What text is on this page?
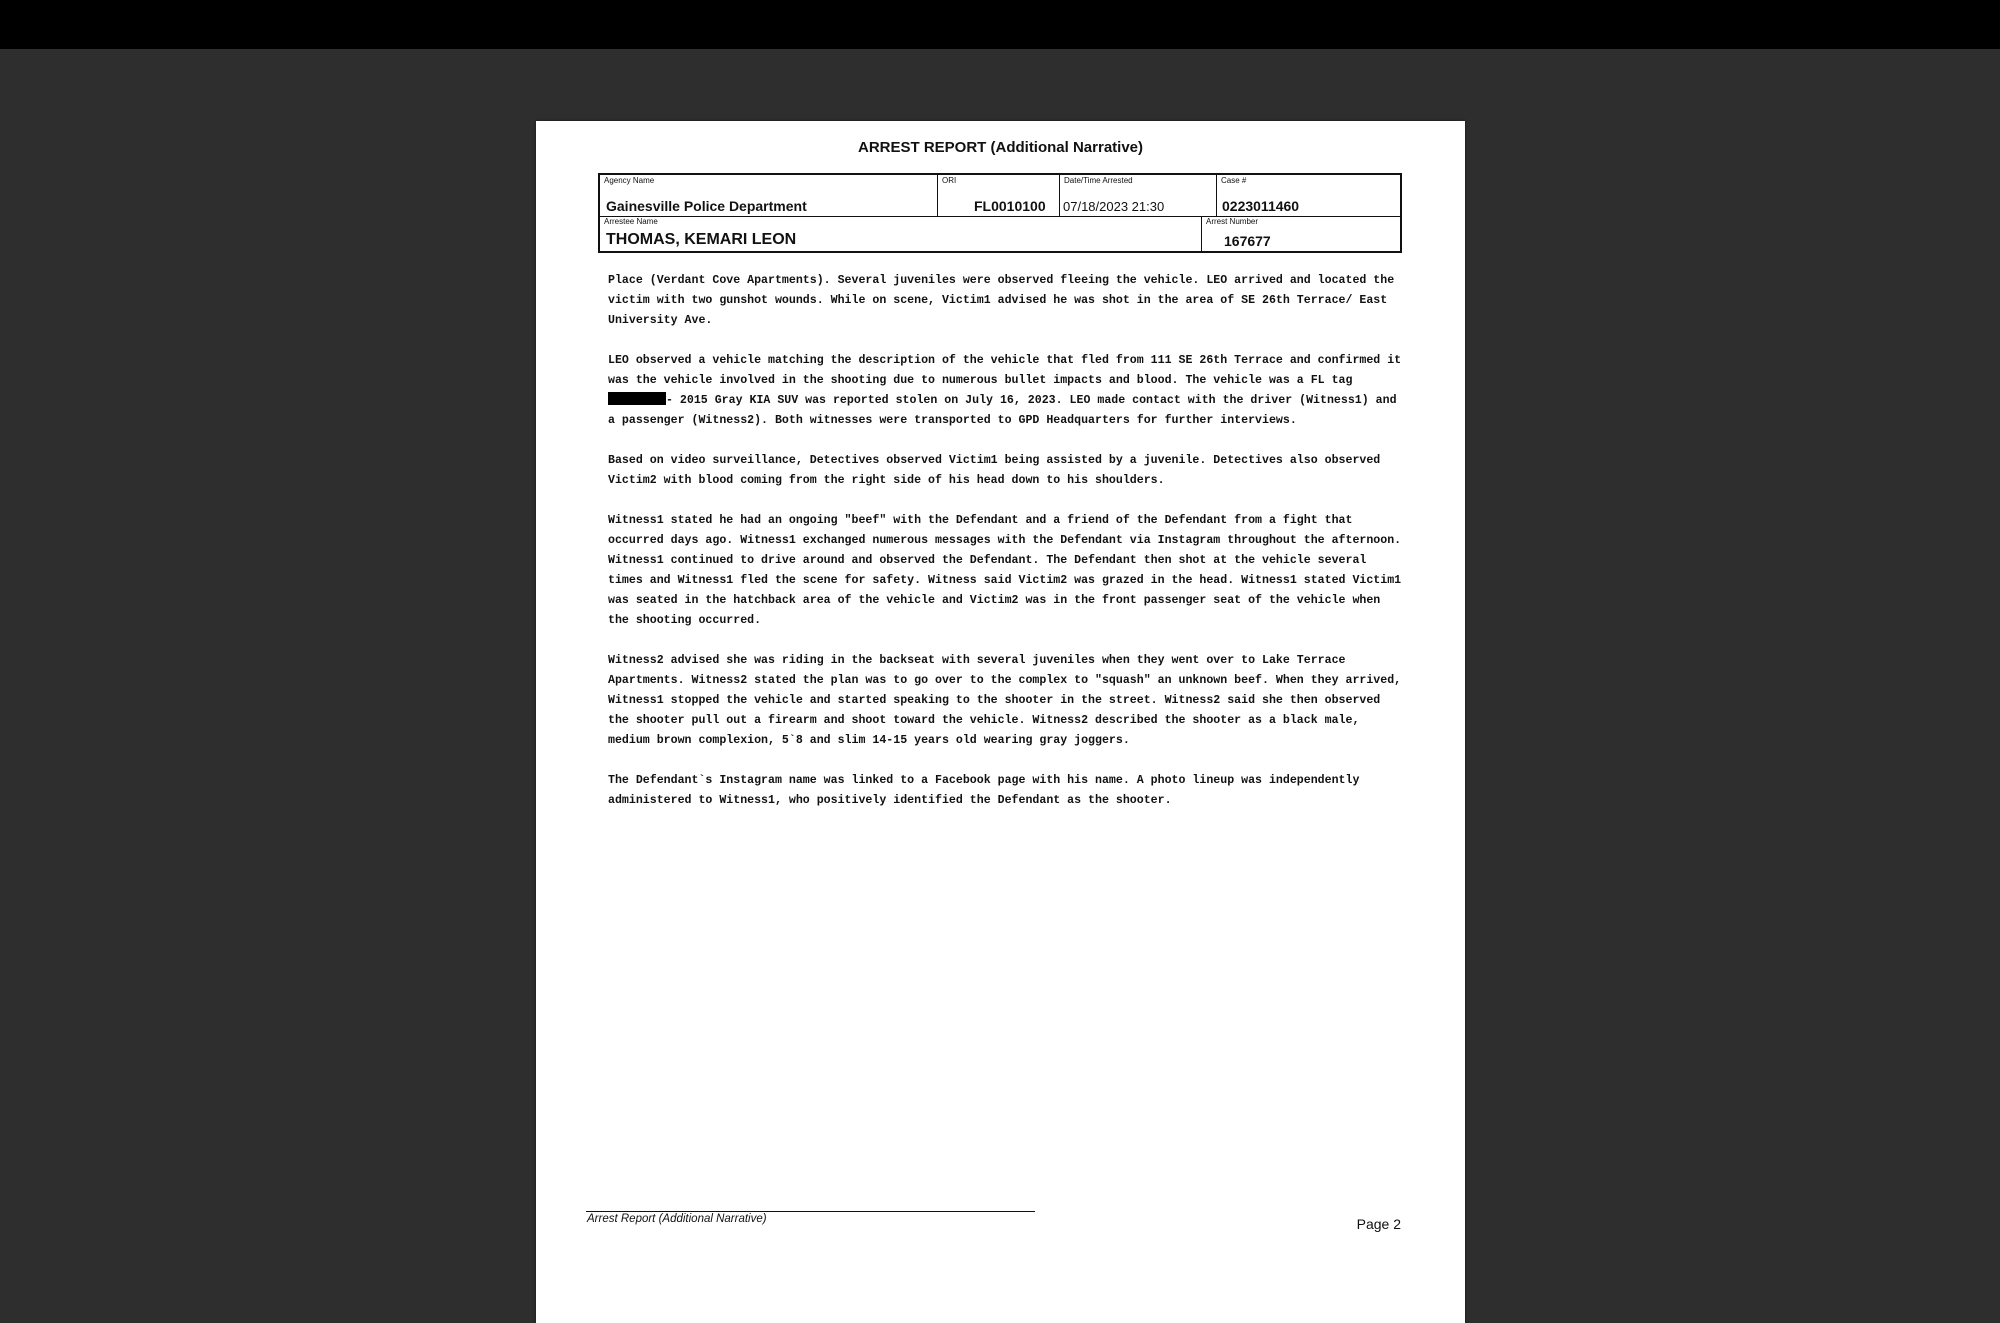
ARREST REPORT (Additional Narrative)
Agency Name
Gainesville Police Department
ORI
FL0010100
Date/Time Arrested
07/18/2023 21:30
Case #
0223011460
Arrestee Name
THOMAS, KEMARI LEON
Arrest Number
167677

Place (Verdant Cove Apartments). Several juveniles were observed fleeing the vehicle. LEO arrived and located the victim with two gunshot wounds. While on scene, Victim1 advised he was shot in the area of SE 26th Terrace/ East University Ave.

LEO observed a vehicle matching the description of the vehicle that fled from 111 SE 26th Terrace and confirmed it was the vehicle involved in the shooting due to numerous bullet impacts and blood. The vehicle was a FL tag - 2015 Gray KIA SUV was reported stolen on July 16, 2023. LEO made contact with the driver (Witness1) and a passenger (Witness2). Both witnesses were transported to GPD Headquarters for further interviews.

Based on video surveillance, Detectives observed Victim1 being assisted by a juvenile. Detectives also observed Victim2 with blood coming from the right side of his head down to his shoulders.

Witness1 stated he had an ongoing "beef" with the Defendant and a friend of the Defendant from a fight that occurred days ago. Witness1 exchanged numerous messages with the Defendant via Instagram throughout the afternoon. Witness1 continued to drive around and observed the Defendant. The Defendant then shot at the vehicle several times and Witness1 fled the scene for safety. Witness said Victim2 was grazed in the head. Witness1 stated Victim1 was seated in the hatchback area of the vehicle and Victim2 was in the front passenger seat of the vehicle when the shooting occurred.

Witness2 advised she was riding in the backseat with several juveniles when they went over to Lake Terrace Apartments. Witness2 stated the plan was to go over to the complex to "squash" an unknown beef. When they arrived, Witness1 stopped the vehicle and started speaking to the shooter in the street. Witness2 said she then observed the shooter pull out a firearm and shoot toward the vehicle. Witness2 described the shooter as a black male, medium brown complexion, 5`8 and slim 14-15 years old wearing gray joggers.

The Defendant`s Instagram name was linked to a Facebook page with his name. A photo lineup was independently administered to Witness1, who positively identified the Defendant as the shooter.

Arrest Report (Additional Narrative)	Page 2
